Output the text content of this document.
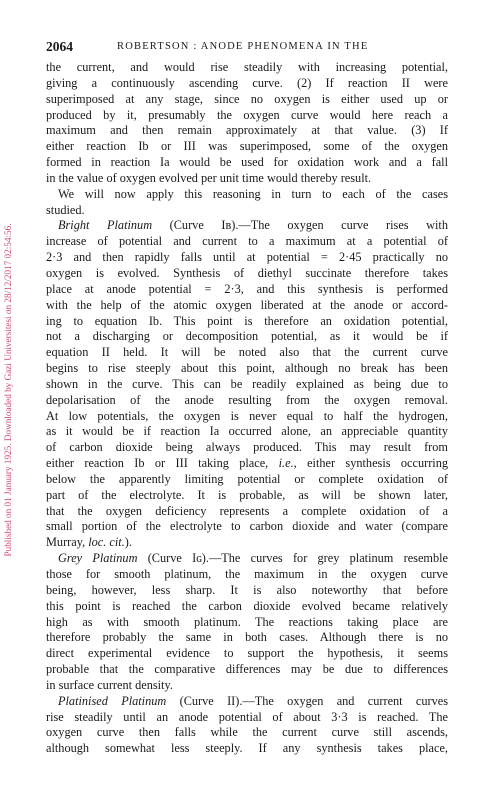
2064	ROBERTSON : ANODE PHENOMENA IN THE
Published on 01 January 1925. Downloaded by Gazi Universitesi on 28/12/2017 02:54:56.
the current, and would rise steadily with increasing potential,
giving a continuously ascending curve. (2) If reaction II were
superimposed at any stage, since no oxygen is either used up or
produced by it, presumably the oxygen curve would here reach a
maximum and then remain approximately at that value. (3) If
either reaction Ib or III was superimposed, some of the oxygen
formed in reaction Ia would be used for oxidation work and a fall
in the value of oxygen evolved per unit time would thereby result.
We will now apply this reasoning in turn to each of the cases
studied.
Bright Platinum (Curve Iʙ).—The oxygen curve rises with
increase of potential and current to a maximum at a potential of
2·3 and then rapidly falls until at potential = 2·45 practically no
oxygen is evolved. Synthesis of diethyl succinate therefore takes
place at anode potential = 2·3, and this synthesis is performed
with the help of the atomic oxygen liberated at the anode or accord-
ing to equation Ib. This point is therefore an oxidation potential,
not a discharging or decomposition potential, as it would be if
equation II held. It will be noted also that the current curve
begins to rise steeply about this point, although no break has been
shown in the curve. This can be readily explained as being due to
depolarisation of the anode resulting from the oxygen removal.
At low potentials, the oxygen is never equal to half the hydrogen,
as it would be if reaction Ia occurred alone, an appreciable quantity
of carbon dioxide being always produced. This may result from
either reaction Ib or III taking place, i.e., either synthesis occurring
below the apparently limiting potential or complete oxidation of
part of the electrolyte. It is probable, as will be shown later,
that the oxygen deficiency represents a complete oxidation of a
small portion of the electrolyte to carbon dioxide and water (compare
Murray, loc. cit.).
Grey Platinum (Curve Iɢ).—The curves for grey platinum resemble
those for smooth platinum, the maximum in the oxygen curve
being, however, less sharp. It is also noteworthy that before
this point is reached the carbon dioxide evolved became relatively
high as with smooth platinum. The reactions taking place are
therefore probably the same in both cases. Although there is no
direct experimental evidence to support the hypothesis, it seems
probable that the comparative differences may be due to differences
in surface current density.
Platinised Platinum (Curve II).—The oxygen and current curves
rise steadily until an anode potential of about 3·3 is reached. The
oxygen curve then falls while the current curve still ascends,
although somewhat less steeply. If any synthesis takes place,
